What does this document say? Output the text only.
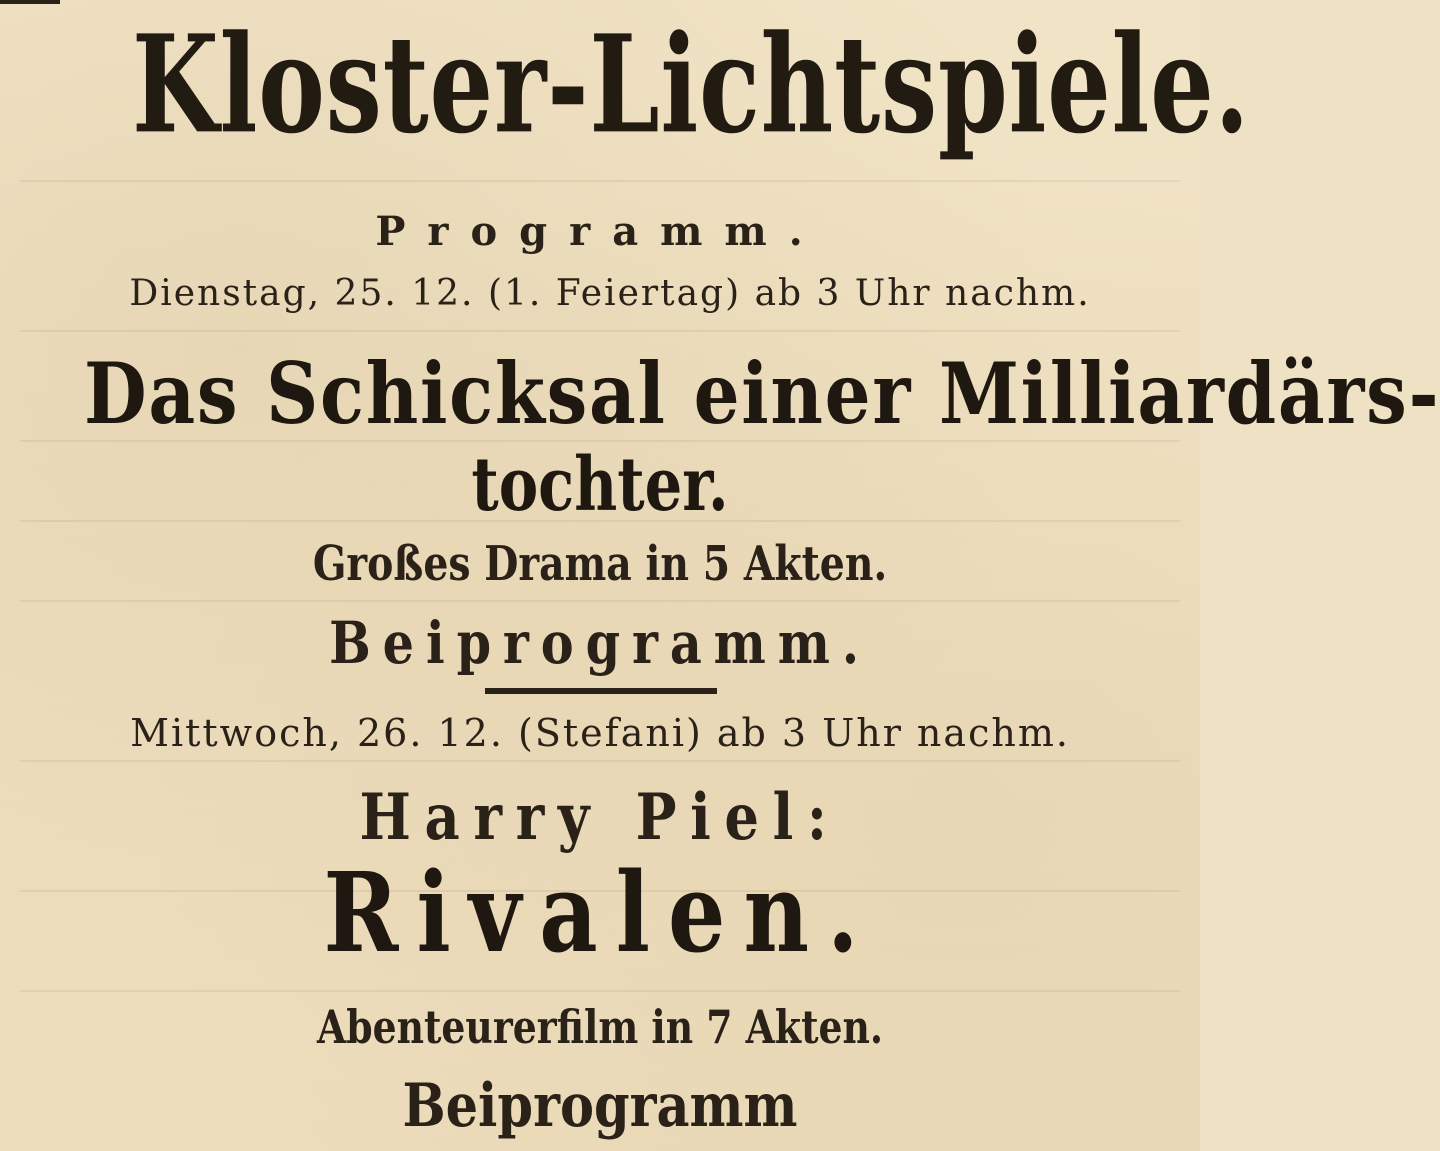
Kloster-Lichtspiele.
Programm.
Dienstag, 25. 12. (1. Feiertag) ab 3 Uhr nachm.
Das Schicksal einer Milliardärs-
tochter.
Großes Drama in 5 Akten.
Beiprogramm.
Mittwoch, 26. 12. (Stefani) ab 3 Uhr nachm.
Harry Piel:
Rivalen.
Abenteurerfilm in 7 Akten.
Beiprogramm
